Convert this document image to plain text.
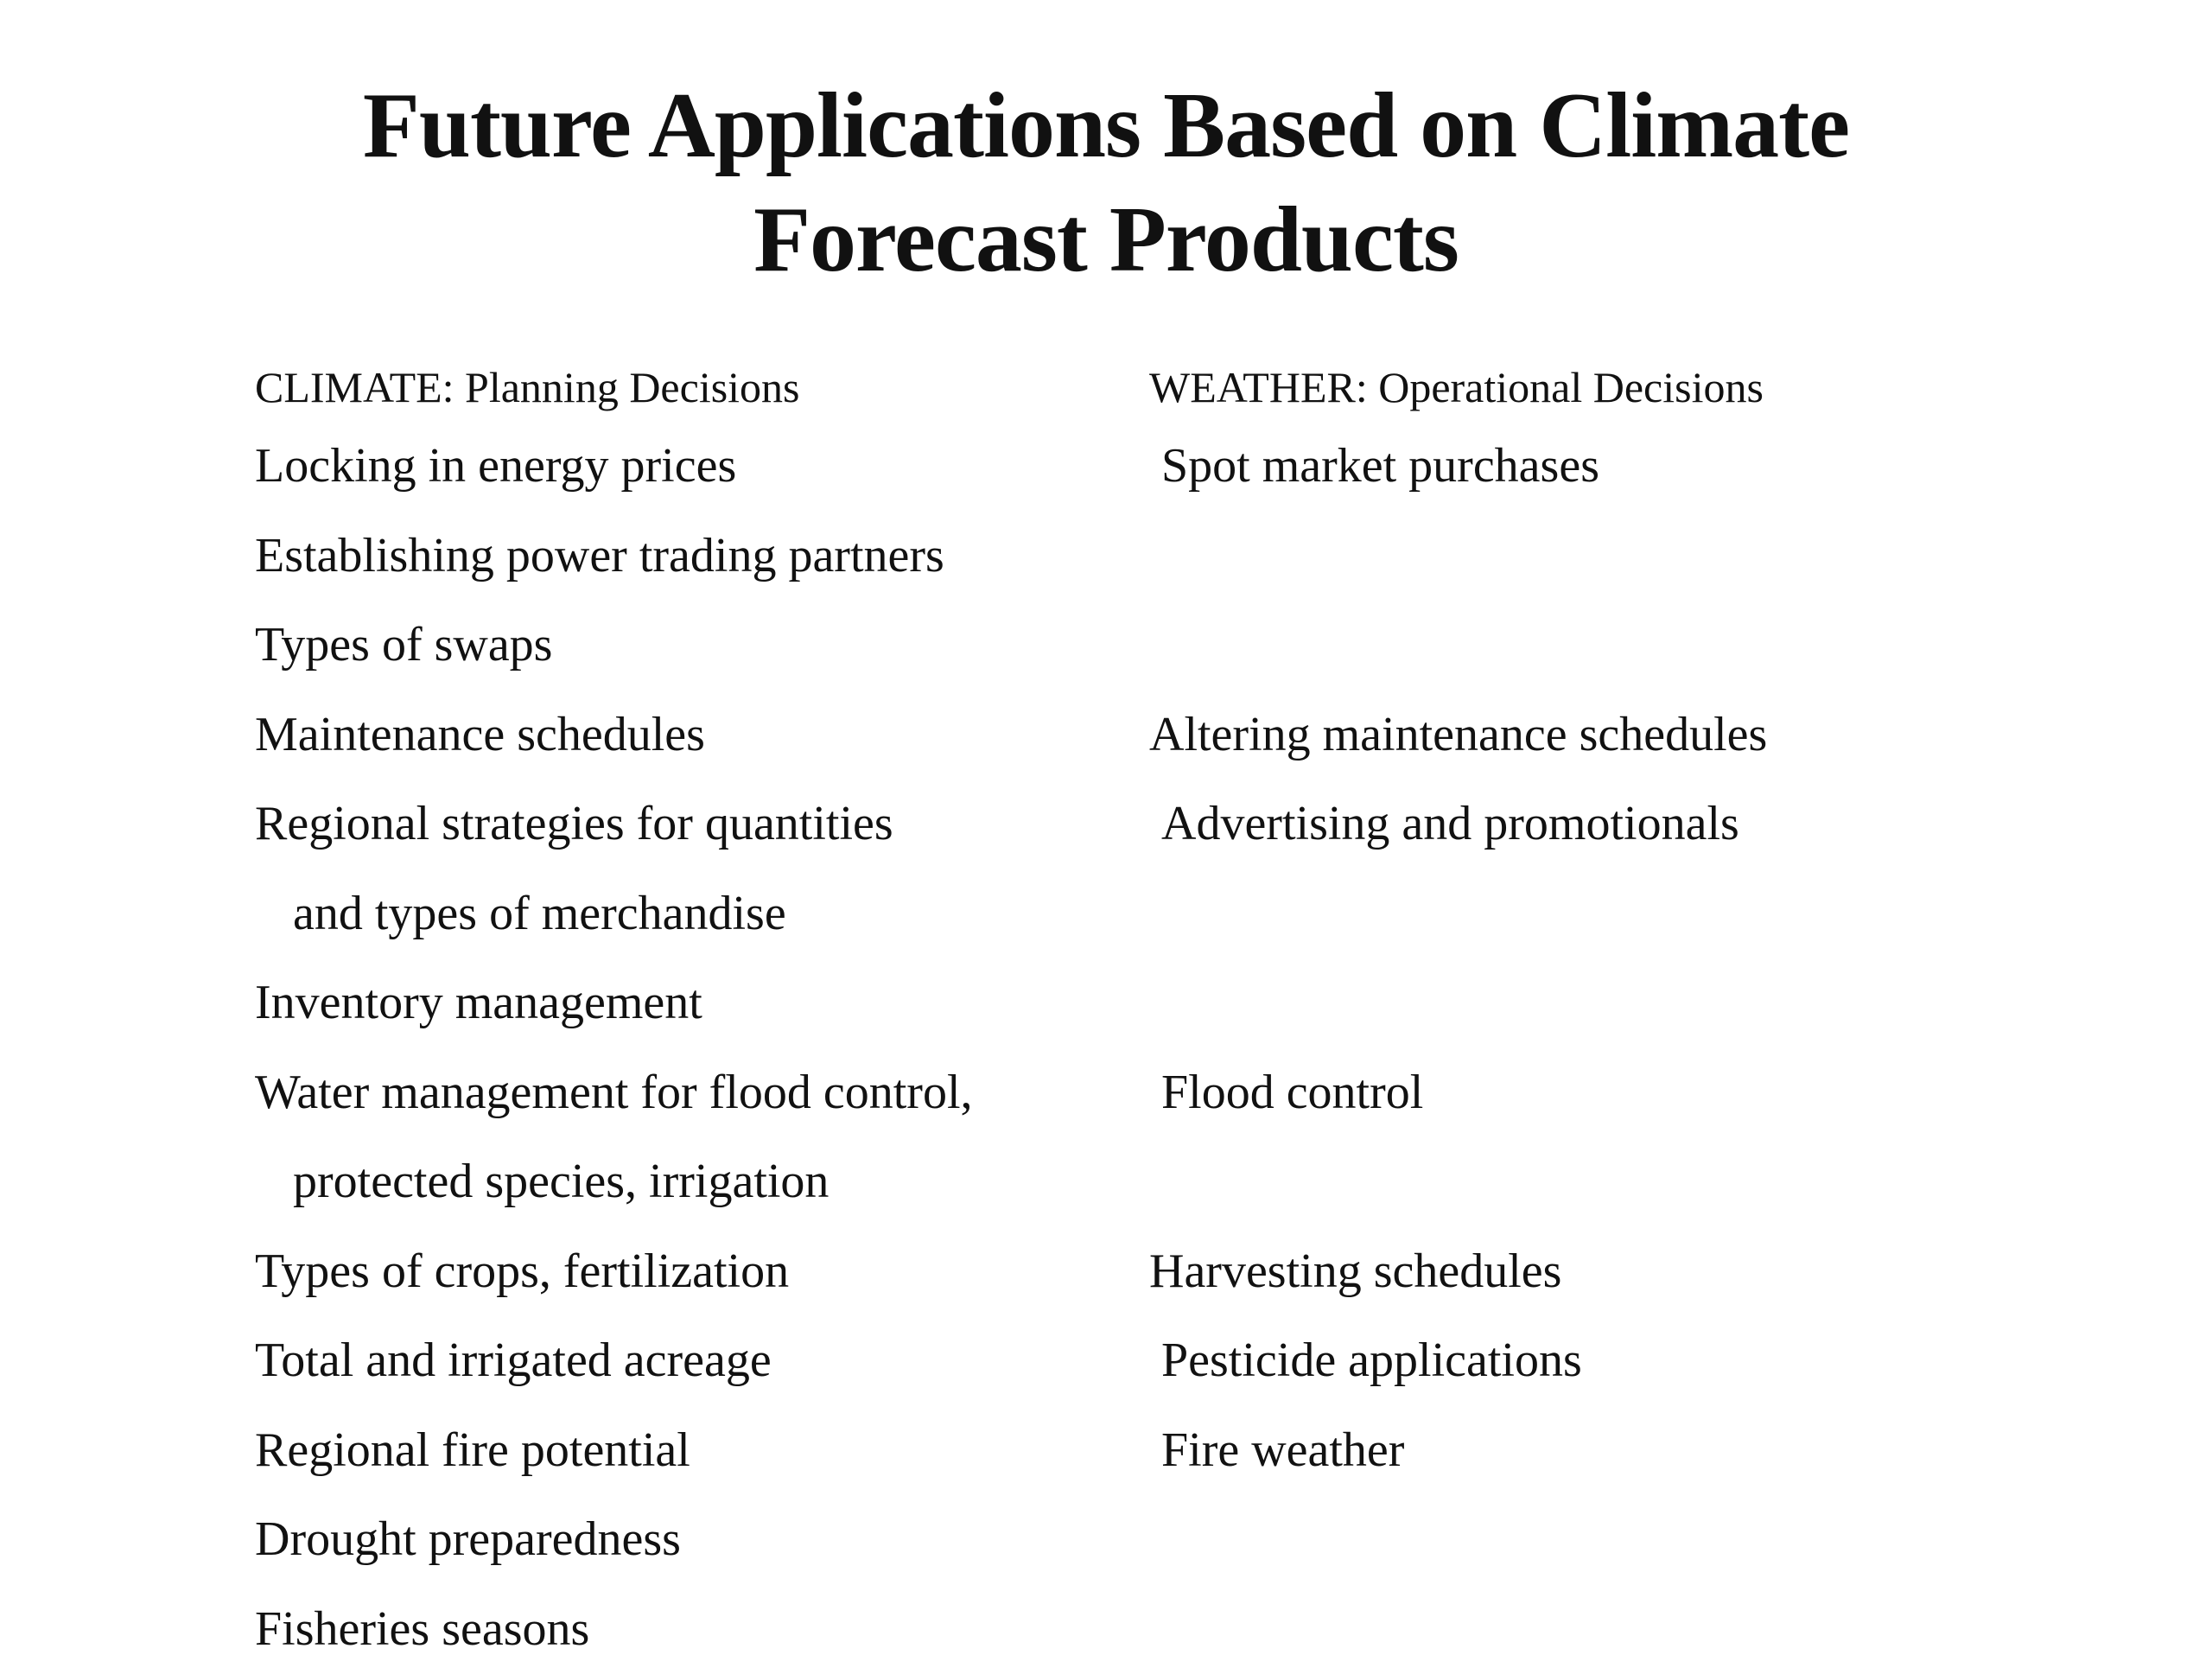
Future Applications Based on Climate
Forecast Products
CLIMATE: Planning Decisions
Locking in energy prices
Establishing power trading partners
Types of swaps
Maintenance schedules
Regional strategies for quantities
and types of merchandise
Inventory management
Water management for flood control,
protected species, irrigation
Types of crops, fertilization
Total and irrigated acreage
Regional fire potential
Drought preparedness
Fisheries seasons
WEATHER: Operational Decisions
Spot market purchases
Altering maintenance schedules
Advertising and promotionals
Flood control
Harvesting schedules
Pesticide applications
Fire weather
